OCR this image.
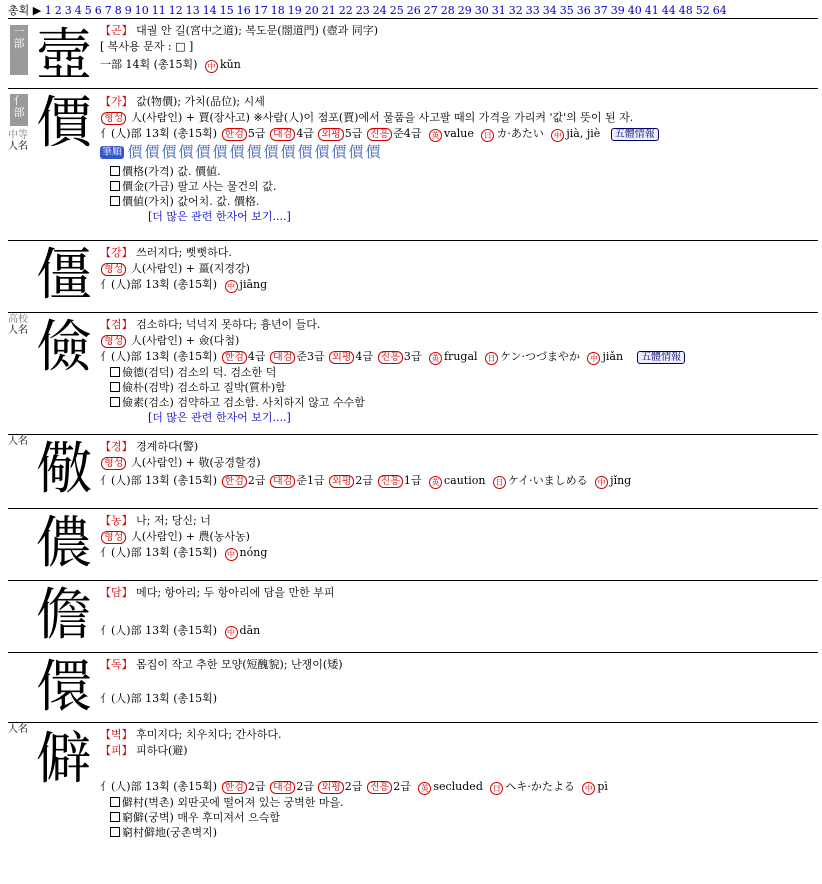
총획 ▶ 1 2 3 4 5 6 7 8 9 10 11 12 13 14 15 16 17 18 19 20 21 22 23 24 25 26 27 28 29 30 31 32 33 34 35 36 37 39 40 41 44 48 52 64
一部 壼 【곤】 대궐 안 길(宮中之道); 복도문(閤道門) (壺과 同字)
[ 복사용 문자 : □ ]
一部 14획 (총15획) 中 kŭn
亻部
中等
人名 價 【가】 값(物價); 가치(品位); 시세
형성 人(사람인) + 賈(장사고) ※사람(人)이 점포(賈)에서 물품을 사고팔 때의 가격을 가리켜 '값'의 뜻이 된 자.
亻(人)部 13획 (총15획) 한검 5급 대검 4급 외평 5급 진흥 준4급 英 value 日 カ·あたい 中 jià, jiè 五體情報
筆順 價價價價價價價價價價價價價價價
價格(가격) 값. 價値.
價金(가금) 팔고 사는 물건의 값.
價値(가치) 값어치. 값. 價格.
[더 많은 관련 한자어 보기....]
僵 【강】 쓰러지다; 뻣뻣하다.
형성 人(사람인) + 畺(지경강)
亻(人)部 13획 (총15획) 中 jiāng
高校
人名 儉 【검】 검소하다; 넉넉지 못하다; 흉년이 들다.
형성 人(사람인) + 僉(다첨)
亻(人)部 13획 (총15획) 한검 4급 대검 준3급 외평 4급 진흥 3급 英 frugal 日 ケン·つづまやか 中 jiǎn 五體情報
儉德(검덕) 검소의 덕. 검소한 덕
儉朴(검박) 검소하고 질박(質朴)함
儉素(검소) 검약하고 검소함. 사치하지 않고 수수함
[더 많은 관련 한자어 보기....]
人名 儆 【경】 경계하다(警)
형성 人(사람인) + 敬(공경할경)
亻(人)部 13획 (총15획) 한검 2급 대검 준1급 외평 2급 진흥 1급 英 caution 日 ケイ·いましめる 中 jǐng
儂 【농】 나; 저; 당신; 너
형성 人(사람인) + 農(농사농)
亻(人)部 13획 (총15획) 中 nóng
儋 【담】 메다; 항아리; 두 항아리에 담을 만한 부피
亻(人)部 13획 (총15획) 中 dān
儇 【독】 몸집이 작고 추한 모양(短醜貌); 난쟁이(矮)
亻(人)部 13획 (총15획)
人名 僻 【벽】 후미지다; 치우치다; 간사하다.
【피】 피하다(避)
亻(人)部 13획 (총15획) 한검 2급 대검 2급 외평 2급 진흥 2급 英 secluded 日 ヘキ·かたよる 中 pì
僻村(벽촌) 외딴곳에 떨어져 있는 궁벽한 마을.
窮僻(궁벽) 매우 후미져서 으슥함
窮村僻地(궁촌벽지)
